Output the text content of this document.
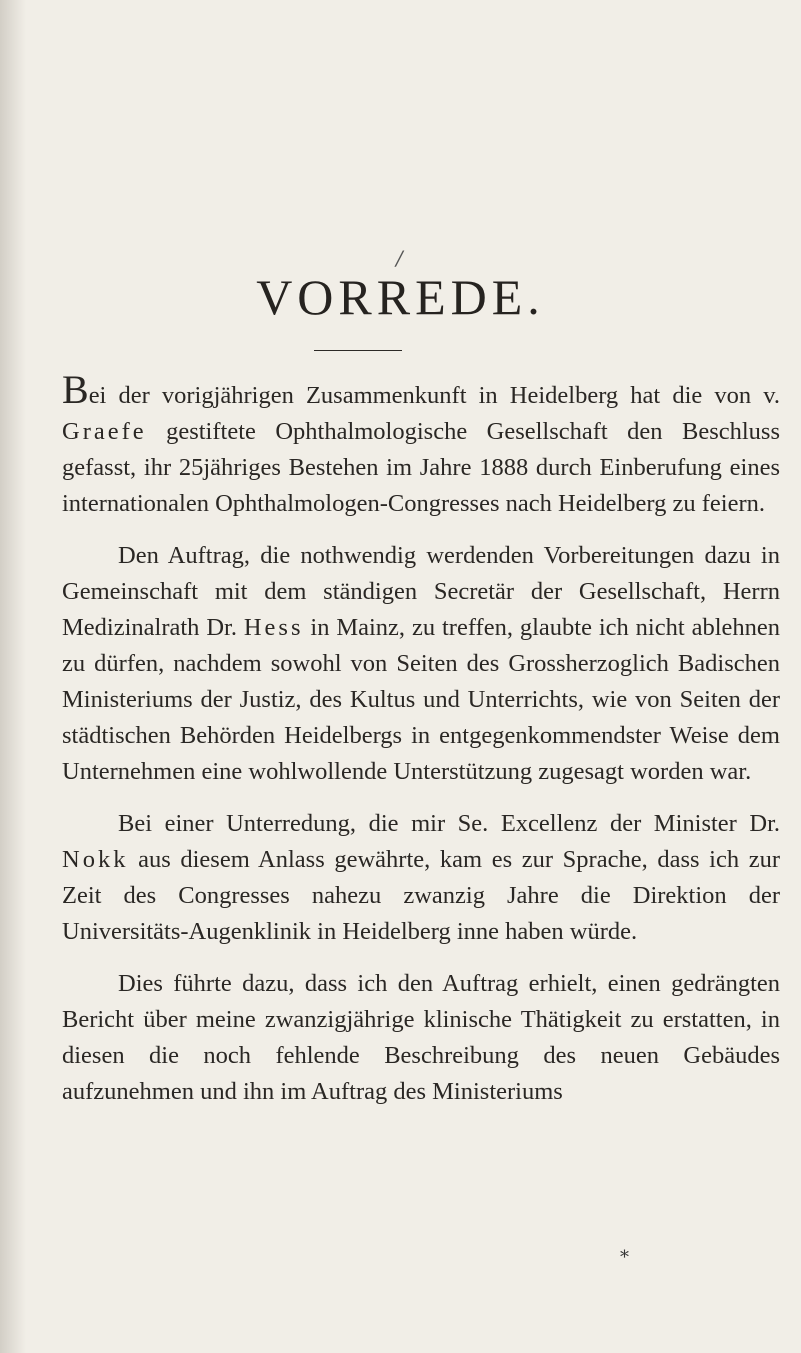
/
VORREDE.

Bei der vorigjährigen Zusammenkunft in Heidelberg hat die von v. Graefe gestiftete Ophthalmologische Gesellschaft den Beschluss gefasst, ihr 25jähriges Bestehen im Jahre 1888 durch Einberufung eines internationalen Ophthalmologen-Congresses nach Heidelberg zu feiern.

Den Auftrag, die nothwendig werdenden Vorbereitungen dazu in Gemeinschaft mit dem ständigen Secretär der Gesellschaft, Herrn Medizinalrath Dr. Hess in Mainz, zu treffen, glaubte ich nicht ablehnen zu dürfen, nachdem sowohl von Seiten des Grossherzoglich Badischen Ministeriums der Justiz, des Kultus und Unterrichts, wie von Seiten der städtischen Behörden Heidelbergs in entgegenkommendster Weise dem Unternehmen eine wohlwollende Unterstützung zugesagt worden war.

Bei einer Unterredung, die mir Se. Excellenz der Minister Dr. Nokk aus diesem Anlass gewährte, kam es zur Sprache, dass ich zur Zeit des Congresses nahezu zwanzig Jahre die Direktion der Universitäts-Augenklinik in Heidelberg inne haben würde.

Dies führte dazu, dass ich den Auftrag erhielt, einen gedrängten Bericht über meine zwanzigjährige klinische Thätigkeit zu erstatten, in diesen die noch fehlende Beschreibung des neuen Gebäudes aufzunehmen und ihn im Auftrag des Ministeriums

*
